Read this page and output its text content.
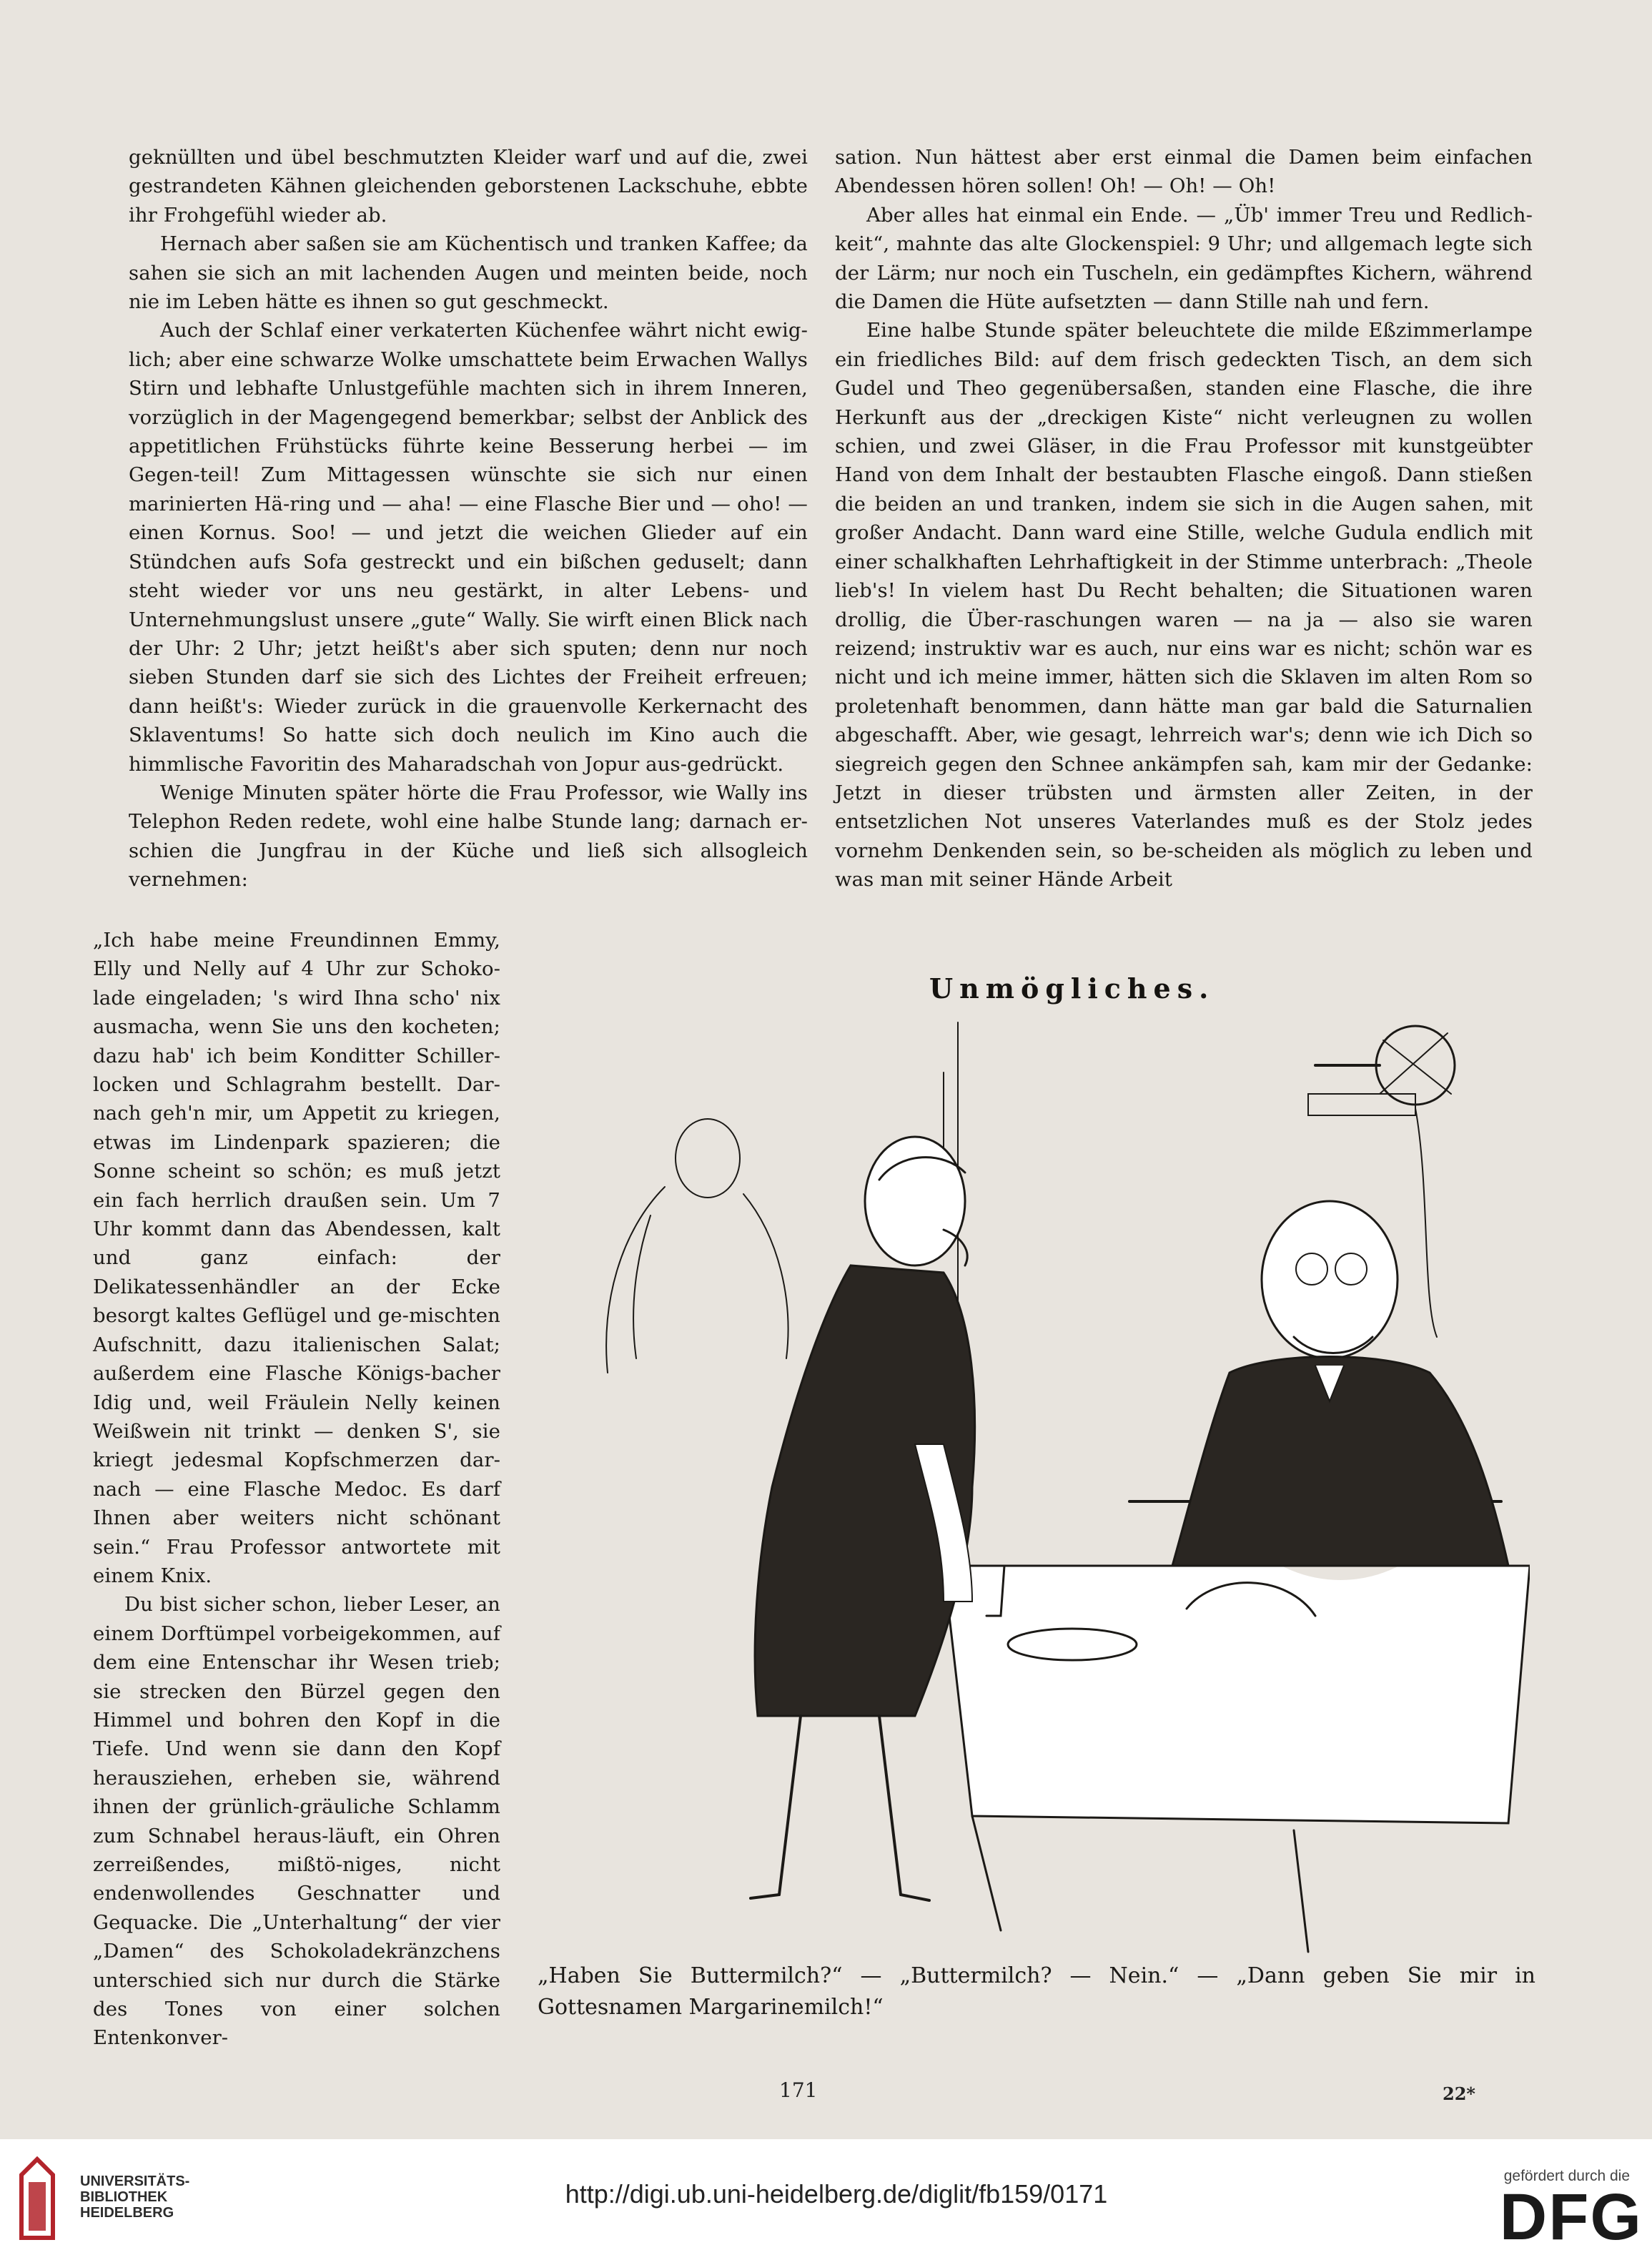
geknüllten und übel beschmutzten Kleider warf und auf die, zwei gestrandeten Kähnen gleichenden geborstenen Lackschuhe, ebbte ihr Frohgefühl wieder ab.

Hernach aber saßen sie am Küchentisch und tranken Kaffee; da sahen sie sich an mit lachenden Augen und meinten beide, noch nie im Leben hätte es ihnen so gut geschmeckt.

Auch der Schlaf einer verkaterten Küchenfee währt nicht ewig-lich; aber eine schwarze Wolke umschattete beim Erwachen Wallys Stirn und lebhafte Unlustgefühle machten sich in ihrem Inneren, vorzüglich in der Magengegend bemerkbar; selbst der Anblick des appetitlichen Frühstücks führte keine Besserung herbei — im Gegen-teil! Zum Mittagessen wünschte sie sich nur einen marinierten Hä-ring und — aha! — eine Flasche Bier und — oho! — einen Kornus. Soo! — und jetzt die weichen Glieder auf ein Stündchen aufs Sofa gestreckt und ein bißchen geduselt; dann steht wieder vor uns neu gestärkt, in alter Lebens- und Unternehmungslust unsere „gute“ Wally. Sie wirft einen Blick nach der Uhr: 2 Uhr; jetzt heißt's aber sich sputen; denn nur noch sieben Stunden darf sie sich des Lichtes der Freiheit erfreuen; dann heißt's: Wieder zurück in die grauenvolle Kerkernacht des Sklaventums! So hatte sich doch neulich im Kino auch die himmlische Favoritin des Maharadschah von Jopur aus-gedrückt.

Wenige Minuten später hörte die Frau Professor, wie Wally ins Telephon Reden redete, wohl eine halbe Stunde lang; darnach er-schien die Jungfrau in der Küche und ließ sich allsogleich vernehmen:

„Ich habe meine Freundinnen Emmy, Elly und Nelly auf 4 Uhr zur Schoko-lade eingeladen; 's wird Ihna scho' nix ausmacha, wenn Sie uns den kocheten; dazu hab' ich beim Konditter Schiller-locken und Schlagrahm bestellt. Dar-nach geh'n mir, um Appetit zu kriegen, etwas im Lindenpark spazieren; die Sonne scheint so schön; es muß jetzt ein fach herrlich draußen sein. Um 7 Uhr kommt dann das Abendessen, kalt und ganz einfach: der Delikatessenhändler an der Ecke besorgt kaltes Geflügel und ge-mischten Aufschnitt, dazu italienischen Salat; außerdem eine Flasche Königs-bacher Idig und, weil Fräulein Nelly keinen Weißwein nit trinkt — denken S', sie kriegt jedesmal Kopfschmerzen dar-nach — eine Flasche Medoc. Es darf Ihnen aber weiters nicht schönant sein.“ Frau Professor antwortete mit einem Knix.

Du bist sicher schon, lieber Leser, an einem Dorftümpel vorbeigekommen, auf dem eine Entenschar ihr Wesen trieb; sie strecken den Bürzel gegen den Himmel und bohren den Kopf in die Tiefe. Und wenn sie dann den Kopf herausziehen, erheben sie, während ihnen der grünlich-gräuliche Schlamm zum Schnabel heraus-läuft, ein Ohren zerreißendes, mißtö-niges, nicht endenwollendes Geschnatter und Gequacke. Die „Unterhaltung“ der vier „Damen“ des Schokoladekränzchens unterschied sich nur durch die Stärke des Tones von einer solchen Entenkonver-

sation. Nun hättest aber erst einmal die Damen beim einfachen Abendessen hören sollen! Oh! — Oh! — Oh!

Aber alles hat einmal ein Ende. — „Üb' immer Treu und Redlich-keit“, mahnte das alte Glockenspiel: 9 Uhr; und allgemach legte sich der Lärm; nur noch ein Tuscheln, ein gedämpftes Kichern, während die Damen die Hüte aufsetzten — dann Stille nah und fern.

Eine halbe Stunde später beleuchtete die milde Eßzimmerlampe ein friedliches Bild: auf dem frisch gedeckten Tisch, an dem sich Gudel und Theo gegenübersaßen, standen eine Flasche, die ihre Herkunft aus der „dreckigen Kiste“ nicht verleugnen zu wollen schien, und zwei Gläser, in die Frau Professor mit kunstgeübter Hand von dem Inhalt der bestaubten Flasche eingoß. Dann stießen die beiden an und tranken, indem sie sich in die Augen sahen, mit großer Andacht. Dann ward eine Stille, welche Gudula endlich mit einer schalkhaften Lehrhaftigkeit in der Stimme unterbrach: „Theole lieb's! In vielem hast Du Recht behalten; die Situationen waren drollig, die Über-raschungen waren — na ja — also sie waren reizend; instruktiv war es auch, nur eins war es nicht; schön war es nicht und ich meine immer, hätten sich die Sklaven im alten Rom so proletenhaft benommen, dann hätte man gar bald die Saturnalien abgeschafft. Aber, wie gesagt, lehrreich war's; denn wie ich Dich so siegreich gegen den Schnee ankämpfen sah, kam mir der Gedanke: Jetzt in dieser trübsten und ärmsten aller Zeiten, in der entsetzlichen Not unseres Vaterlandes muß es der Stolz jedes vornehm Denkenden sein, so be-scheiden als möglich zu leben und was man mit seiner Hände Arbeit

Unmögliches.
„Haben Sie Buttermilch?“ — „Buttermilch? — Nein.“ — „Dann geben Sie mir in Gottesnamen Margarinemilch!“
171	22*
UNIVERSITÄTS-
BIBLIOTHEK
HEIDELBERG
http://digi.ub.uni-heidelberg.de/diglit/fb159/0171
gefördert durch die
DFG
